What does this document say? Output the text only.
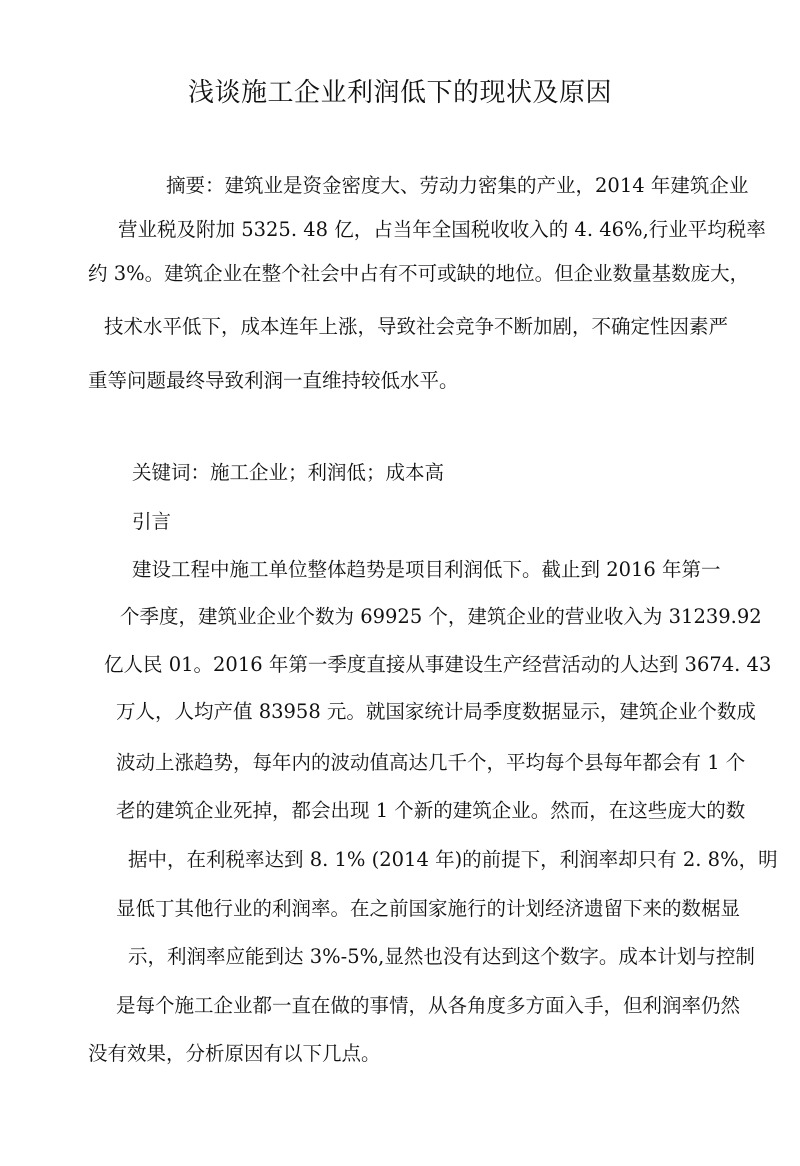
浅谈施工企业利润低下的现状及原因
摘要：建筑业是资金密度大、劳动力密集的产业，2014 年建筑企业
营业税及附加 5325. 48 亿，占当年全国税收收入的 4. 46%,行业平均税率
约 3%。建筑企业在整个社会中占有不可或缺的地位。但企业数量基数庞大，
技术水平低下，成本连年上涨，导致社会竞争不断加剧，不确定性因素严
重等问题最终导致利润一直维持较低水平。
关键词：施工企业；利润低；成本高
引言
建设工程中施工单位整体趋势是项目利润低下。截止到 2016 年第一
个季度，建筑业企业个数为 69925 个，建筑企业的营业收入为 31239.92
亿人民 01。2016 年第一季度直接从事建设生产经营活动的人达到 3674. 43
万人，人均产值 83958 元。就国家统计局季度数据显示，建筑企业个数成
波动上涨趋势，每年内的波动值高达几千个，平均每个县每年都会有 1 个
老的建筑企业死掉，都会出现 1 个新的建筑企业。然而，在这些庞大的数
据中，在利税率达到 8. 1% (2014 年)的前提下，利润率却只有 2. 8%，明
显低丁其他行业的利润率。在之前国家施行的计划经济遗留下来的数椐显
示，利润率应能到达 3%-5%,显然也没有达到这个数字。成本计划与控制
是每个施工企业都一直在做的事情，从各角度多方面入手，但利润率仍然
没有效果，分析原因有以下几点。
